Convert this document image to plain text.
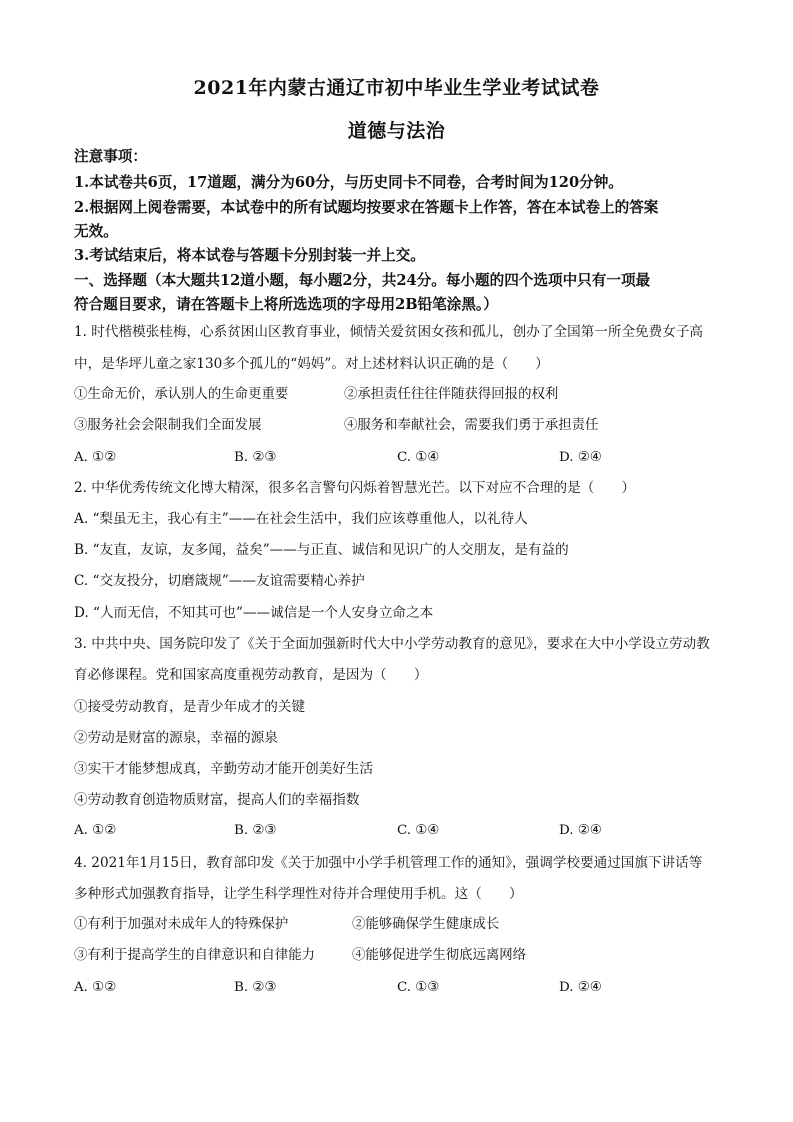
2021年内蒙古通辽市初中毕业生学业考试试卷
道德与法治
注意事项：
1.本试卷共6页，17道题，满分为60分，与历史同卡不同卷，合考时间为120分钟。
2.根据网上阅卷需要，本试卷中的所有试题均按要求在答题卡上作答，答在本试卷上的答案
无效。
3.考试结束后，将本试卷与答题卡分别封装一并上交。
一、选择题（本大题共12道小题，每小题2分，共24分。每小题的四个选项中只有一项最
符合题目要求，请在答题卡上将所选选项的字母用2B铅笔涂黑。）
1. 时代楷模张桂梅，心系贫困山区教育事业，倾情关爱贫困女孩和孤儿，创办了全国第一所全免费女子高
中，是华坪儿童之家130多个孤儿的“妈妈”。对上述材料认识正确的是（　　）
①生命无价，承认别人的生命更重要	②承担责任往往伴随获得回报的权利
③服务社会会限制我们全面发展	④服务和奉献社会，需要我们勇于承担责任
A. ①②	B. ②③	C. ①④	D. ②④
2. 中华优秀传统文化博大精深，很多名言警句闪烁着智慧光芒。以下对应不合理的是（　　）
A. “梨虽无主，我心有主”——在社会生活中，我们应该尊重他人，以礼待人
B. “友直，友谅，友多闻，益矣”——与正直、诚信和见识广的人交朋友，是有益的
C. “交友投分，切磨箴规”——友谊需要精心养护
D. “人而无信，不知其可也”——诚信是一个人安身立命之本
3. 中共中央、国务院印发了《关于全面加强新时代大中小学劳动教育的意见》，要求在大中小学设立劳动教
育必修课程。党和国家高度重视劳动教育，是因为（　　）
①接受劳动教育，是青少年成才的关键
②劳动是财富的源泉，幸福的源泉
③实干才能梦想成真，辛勤劳动才能开创美好生活
④劳动教育创造物质财富，提高人们的幸福指数
A. ①②	B. ②③	C. ①④	D. ②④
4. 2021年1月15日，教育部印发《关于加强中小学手机管理工作的通知》，强调学校要通过国旗下讲话等
多种形式加强教育指导，让学生科学理性对待并合理使用手机。这（　　）
①有利于加强对未成年人的特殊保护	②能够确保学生健康成长
③有利于提高学生的自律意识和自律能力	④能够促进学生彻底远离网络
A. ①②	B. ②③	C. ①③	D. ②④
